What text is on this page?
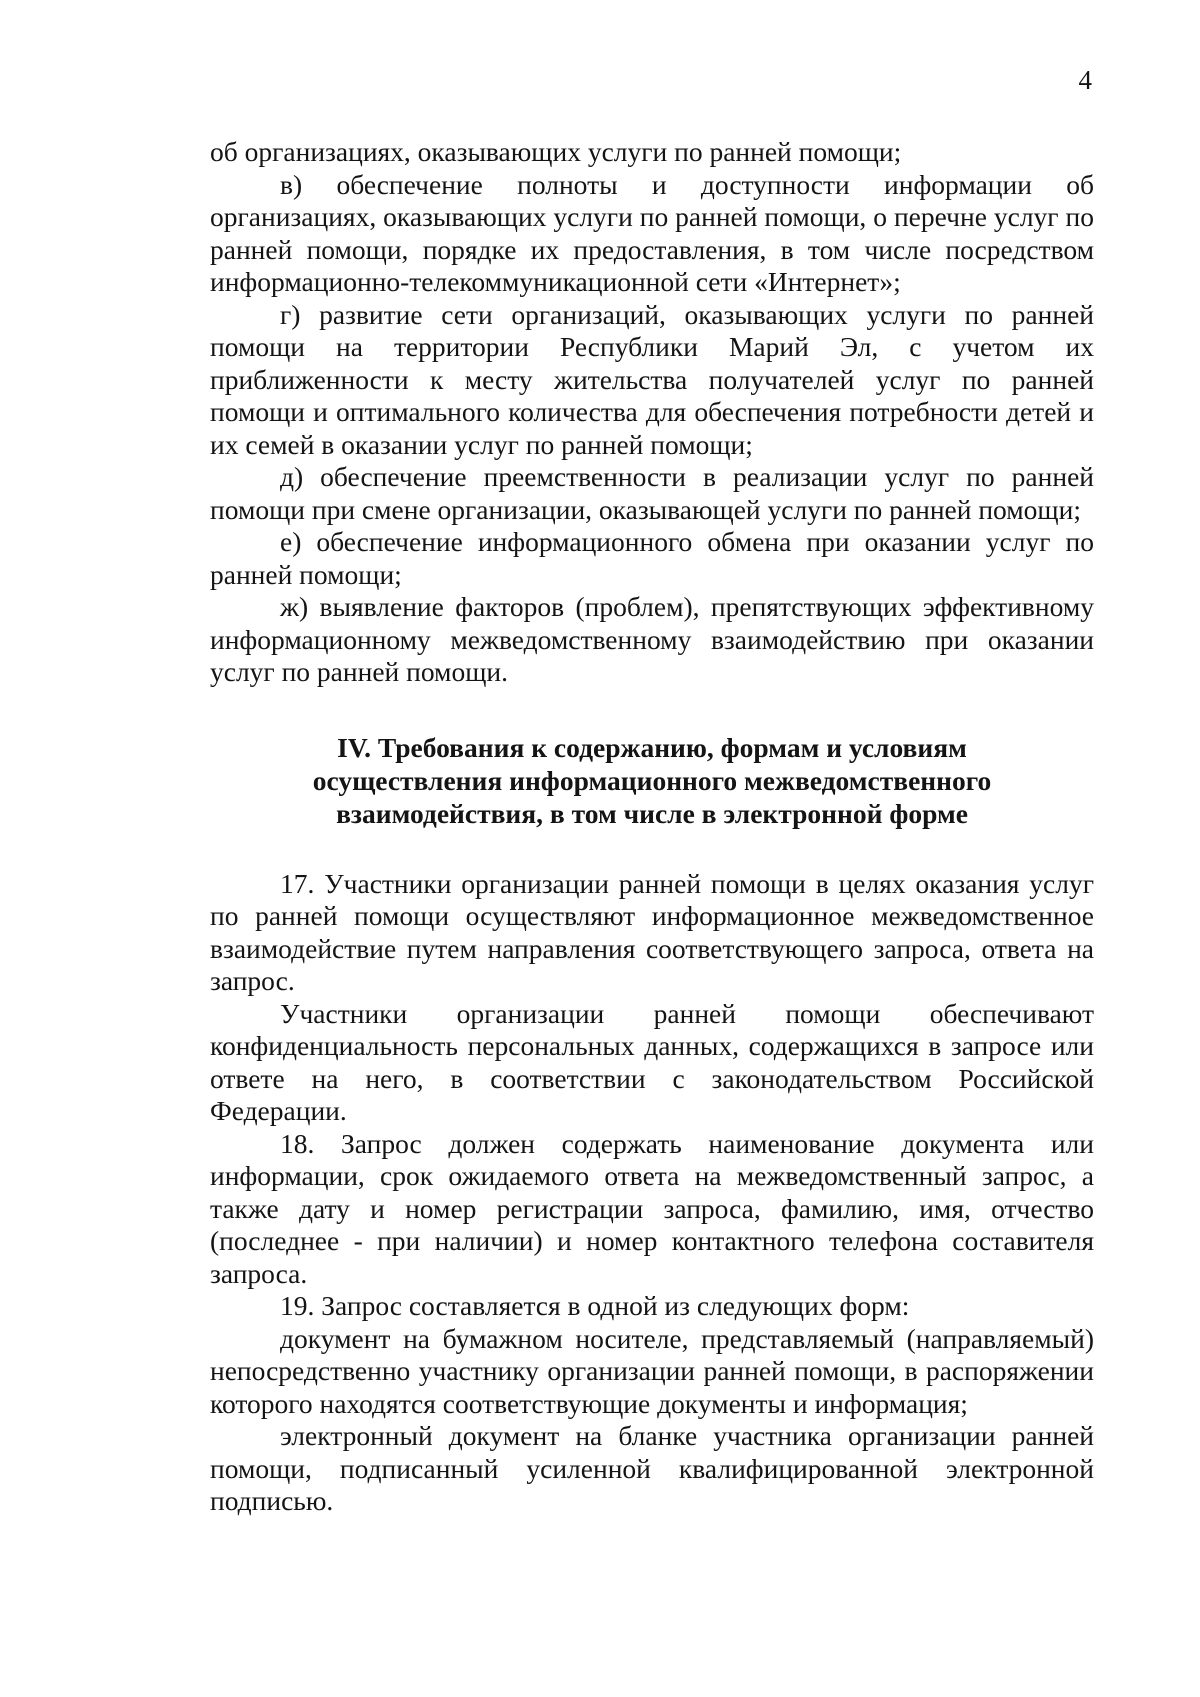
4

об организациях, оказывающих услуги по ранней помощи;

в) обеспечение полноты и доступности информации об организациях, оказывающих услуги по ранней помощи, о перечне услуг по ранней помощи, порядке их предоставления, в том числе посредством информационно-телекоммуникационной сети «Интернет»;

г) развитие сети организаций, оказывающих услуги по ранней помощи на территории Республики Марий Эл, с учетом их приближенности к месту жительства получателей услуг по ранней помощи и оптимального количества для обеспечения потребности детей и их семей в оказании услуг по ранней помощи;

д) обеспечение преемственности в реализации услуг по ранней помощи при смене организации, оказывающей услуги по ранней помощи;

е) обеспечение информационного обмена при оказании услуг по ранней помощи;

ж) выявление факторов (проблем), препятствующих эффективному информационному межведомственному взаимодействию при оказании услуг по ранней помощи.

IV. Требования к содержанию, формам и условиям
осуществления информационного межведомственного
взаимодействия, в том числе в электронной форме

17. Участники организации ранней помощи в целях оказания услуг по ранней помощи осуществляют информационное межведомственное взаимодействие путем направления соответствующего запроса, ответа на запрос.

Участники организации ранней помощи обеспечивают конфиденциальность персональных данных, содержащихся в запросе или ответе на него, в соответствии с законодательством Российской Федерации.

18. Запрос должен содержать наименование документа или информации, срок ожидаемого ответа на межведомственный запрос, а также дату и номер регистрации запроса, фамилию, имя, отчество (последнее - при наличии) и номер контактного телефона составителя запроса.

19. Запрос составляется в одной из следующих форм:

документ на бумажном носителе, представляемый (направляемый) непосредственно участнику организации ранней помощи, в распоряжении которого находятся соответствующие документы и информация;

электронный документ на бланке участника организации ранней помощи, подписанный усиленной квалифицированной электронной подписью.
